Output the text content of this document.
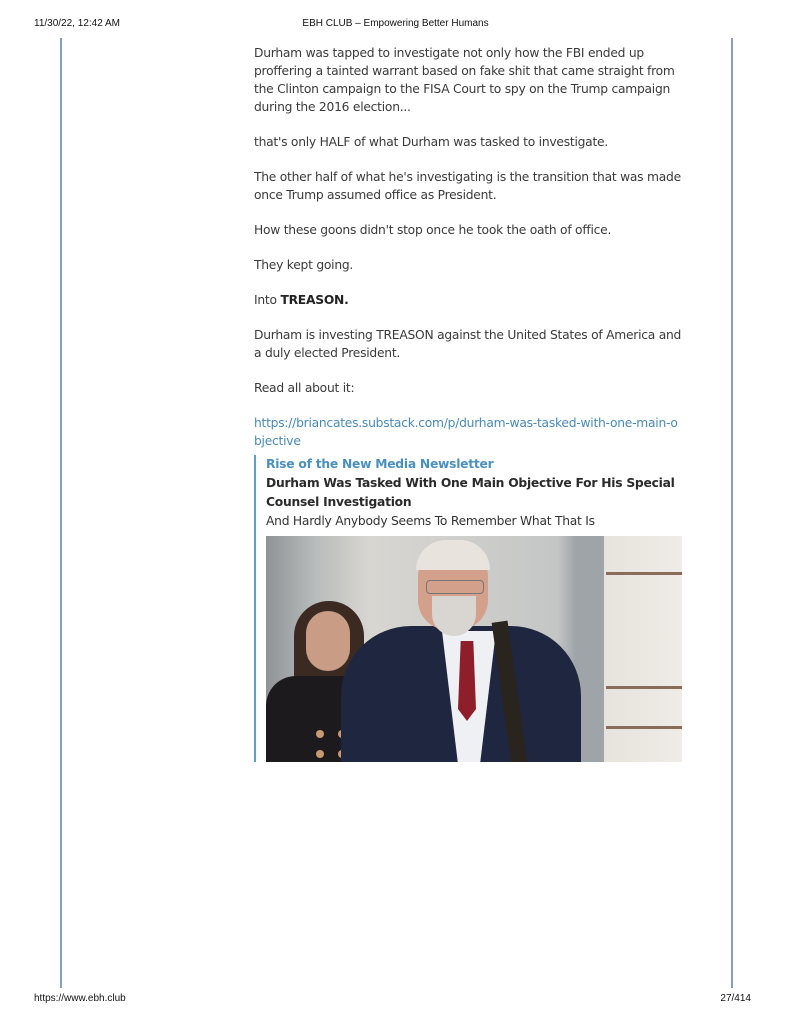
11/30/22, 12:42 AM	EBH CLUB – Empowering Better Humans

Durham was tapped to investigate not only how the FBI ended up proffering a tainted warrant based on fake shit that came straight from the Clinton campaign to the FISA Court to spy on the Trump campaign during the 2016 election...

that's only HALF of what Durham was tasked to investigate.

The other half of what he's investigating is the transition that was made once Trump assumed office as President.

How these goons didn't stop once he took the oath of office.

They kept going.

Into TREASON.

Durham is investing TREASON against the United States of America and a duly elected President.

Read all about it:

https://briancates.substack.com/p/durham-was-tasked-with-one-main-objective
Rise of the New Media Newsletter
Durham Was Tasked With One Main Objective For His Special Counsel Investigation
And Hardly Anybody Seems To Remember What That Is
https://www.ebh.club	27/414
